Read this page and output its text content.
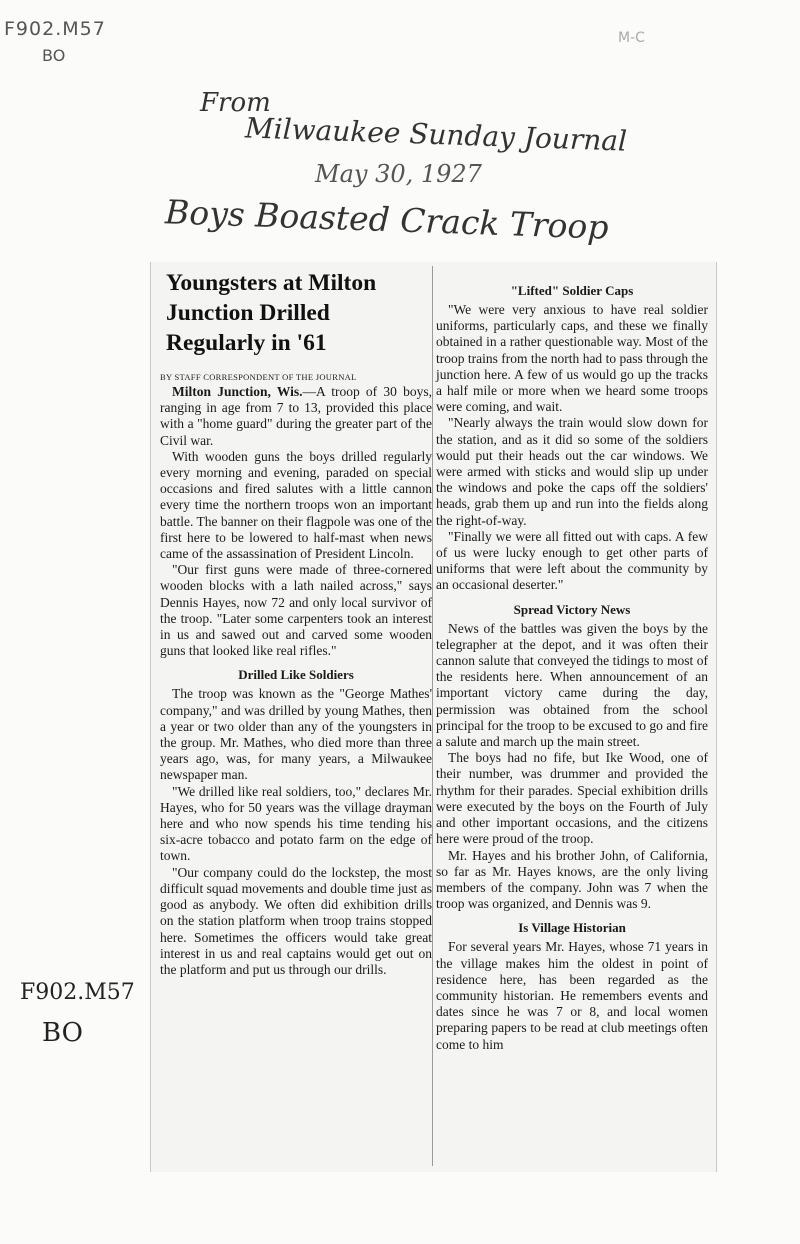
F902.M57
BO
M-C
From
Milwaukee Sunday Journal
May 30, 1927
Boys Boasted Crack Troop
F902.M57
BO
Youngsters at Milton Junction Drilled Regularly in '61
BY STAFF CORRESPONDENT OF THE JOURNAL

Milton Junction, Wis.—A troop of 30 boys, ranging in age from 7 to 13, provided this place with a "home guard" during the greater part of the Civil war.

With wooden guns the boys drilled regularly every morning and evening, paraded on special occasions and fired salutes with a little cannon every time the northern troops won an important battle. The banner on their flagpole was one of the first here to be lowered to half-mast when news came of the assassination of President Lincoln.

"Our first guns were made of three-cornered wooden blocks with a lath nailed across," says Dennis Hayes, now 72 and only local survivor of the troop. "Later some carpenters took an interest in us and sawed out and carved some wooden guns that looked like real rifles."

Drilled Like Soldiers

The troop was known as the "George Mathes' company," and was drilled by young Mathes, then a year or two older than any of the youngsters in the group. Mr. Mathes, who died more than three years ago, was, for many years, a Milwaukee newspaper man.

"We drilled like real soldiers, too," declares Mr. Hayes, who for 50 years was the village drayman here and who now spends his time tending his six-acre tobacco and potato farm on the edge of town.

"Our company could do the lockstep, the most difficult squad movements and double time just as good as anybody. We often did exhibition drills on the station platform when troop trains stopped here. Sometimes the officers would take great interest in us and real captains would get out on the platform and put us through our drills.

"Lifted" Soldier Caps

"We were very anxious to have real soldier uniforms, particularly caps, and these we finally obtained in a rather questionable way. Most of the troop trains from the north had to pass through the junction here. A few of us would go up the tracks a half mile or more when we heard some troops were coming, and wait.

"Nearly always the train would slow down for the station, and as it did so some of the soldiers would put their heads out the car windows. We were armed with sticks and would slip up under the windows and poke the caps off the soldiers' heads, grab them up and run into the fields along the right-of-way.

"Finally we were all fitted out with caps. A few of us were lucky enough to get other parts of uniforms that were left about the community by an occasional deserter."

Spread Victory News

News of the battles was given the boys by the telegrapher at the depot, and it was often their cannon salute that conveyed the tidings to most of the residents here. When announcement of an important victory came during the day, permission was obtained from the school principal for the troop to be excused to go and fire a salute and march up the main street.

The boys had no fife, but Ike Wood, one of their number, was drummer and provided the rhythm for their parades. Special exhibition drills were executed by the boys on the Fourth of July and other important occasions, and the citizens here were proud of the troop.

Mr. Hayes and his brother John, of California, so far as Mr. Hayes knows, are the only living members of the company. John was 7 when the troop was organized, and Dennis was 9.

Is Village Historian

For several years Mr. Hayes, whose 71 years in the village makes him the oldest in point of residence here, has been regarded as the community historian. He remembers events and dates since he was 7 or 8, and local women preparing papers to be read at club meetings often come to him
